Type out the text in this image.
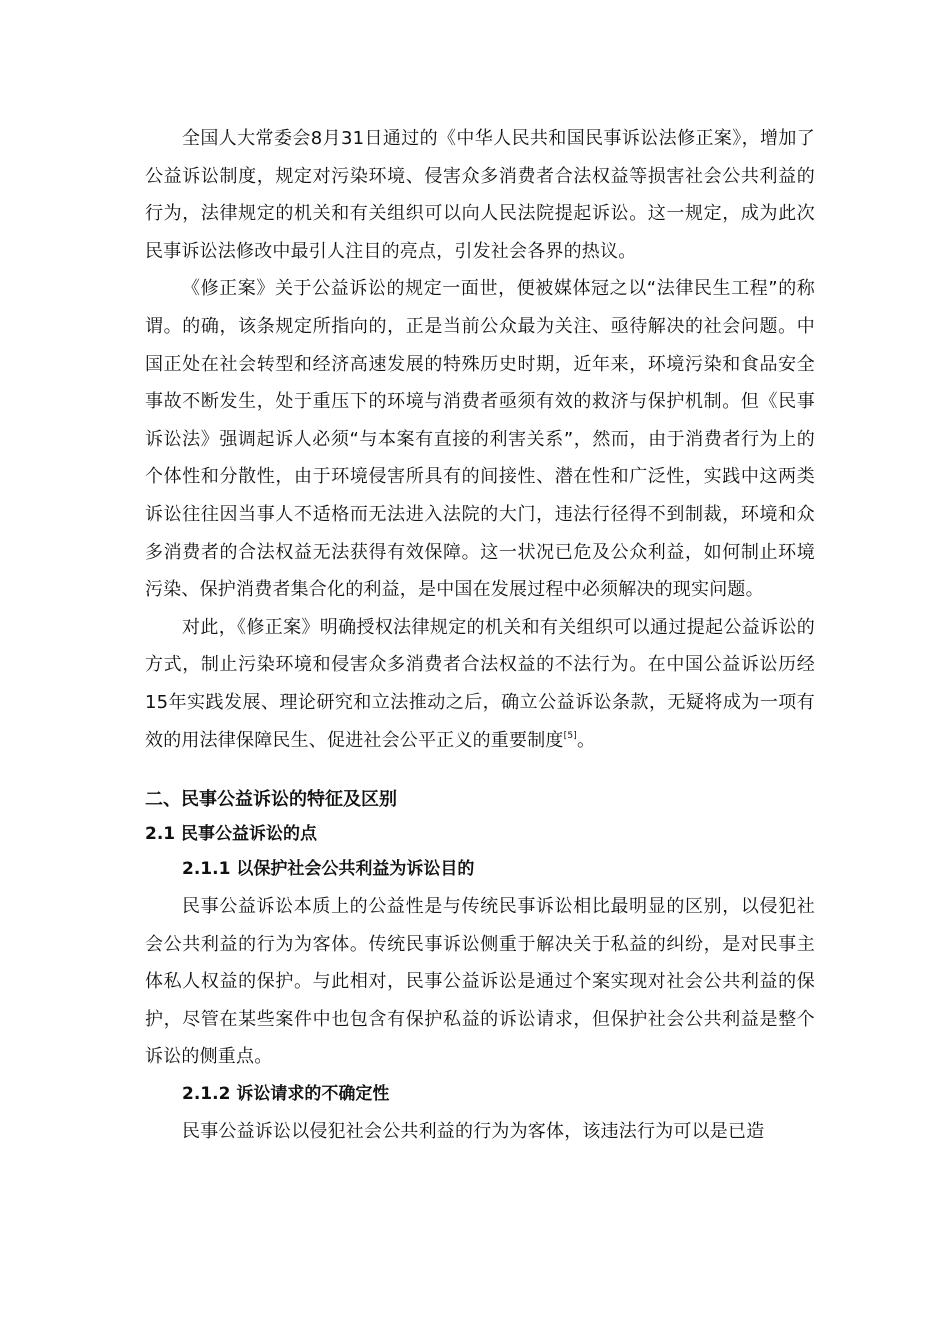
全国人大常委会8月31日通过的《中华人民共和国民事诉讼法修正案》，增加了公益诉讼制度，规定对污染环境、侵害众多消费者合法权益等损害社会公共利益的行为，法律规定的机关和有关组织可以向人民法院提起诉讼。这一规定，成为此次民事诉讼法修改中最引人注目的亮点，引发社会各界的热议。

《修正案》关于公益诉讼的规定一面世，便被媒体冠之以“法律民生工程”的称谓。的确，该条规定所指向的，正是当前公众最为关注、亟待解决的社会问题。中国正处在社会转型和经济高速发展的特殊历史时期，近年来，环境污染和食品安全事故不断发生，处于重压下的环境与消费者亟须有效的救济与保护机制。但《民事诉讼法》强调起诉人必须“与本案有直接的利害关系”，然而，由于消费者行为上的个体性和分散性，由于环境侵害所具有的间接性、潜在性和广泛性，实践中这两类诉讼往往因当事人不适格而无法进入法院的大门，违法行径得不到制裁，环境和众多消费者的合法权益无法获得有效保障。这一状况已危及公众利益，如何制止环境污染、保护消费者集合化的利益，是中国在发展过程中必须解决的现实问题。

对此，《修正案》明确授权法律规定的机关和有关组织可以通过提起公益诉讼的方式，制止污染环境和侵害众多消费者合法权益的不法行为。在中国公益诉讼历经15年实践发展、理论研究和立法推动之后，确立公益诉讼条款，无疑将成为一项有效的用法律保障民生、促进社会公平正义的重要制度[5]。

二、民事公益诉讼的特征及区别
2.1 民事公益诉讼的点
2.1.1 以保护社会公共利益为诉讼目的

民事公益诉讼本质上的公益性是与传统民事诉讼相比最明显的区别，以侵犯社会公共利益的行为为客体。传统民事诉讼侧重于解决关于私益的纠纷，是对民事主体私人权益的保护。与此相对，民事公益诉讼是通过个案实现对社会公共利益的保护，尽管在某些案件中也包含有保护私益的诉讼请求，但保护社会公共利益是整个诉讼的侧重点。

2.1.2 诉讼请求的不确定性

民事公益诉讼以侵犯社会公共利益的行为为客体，该违法行为可以是已造
